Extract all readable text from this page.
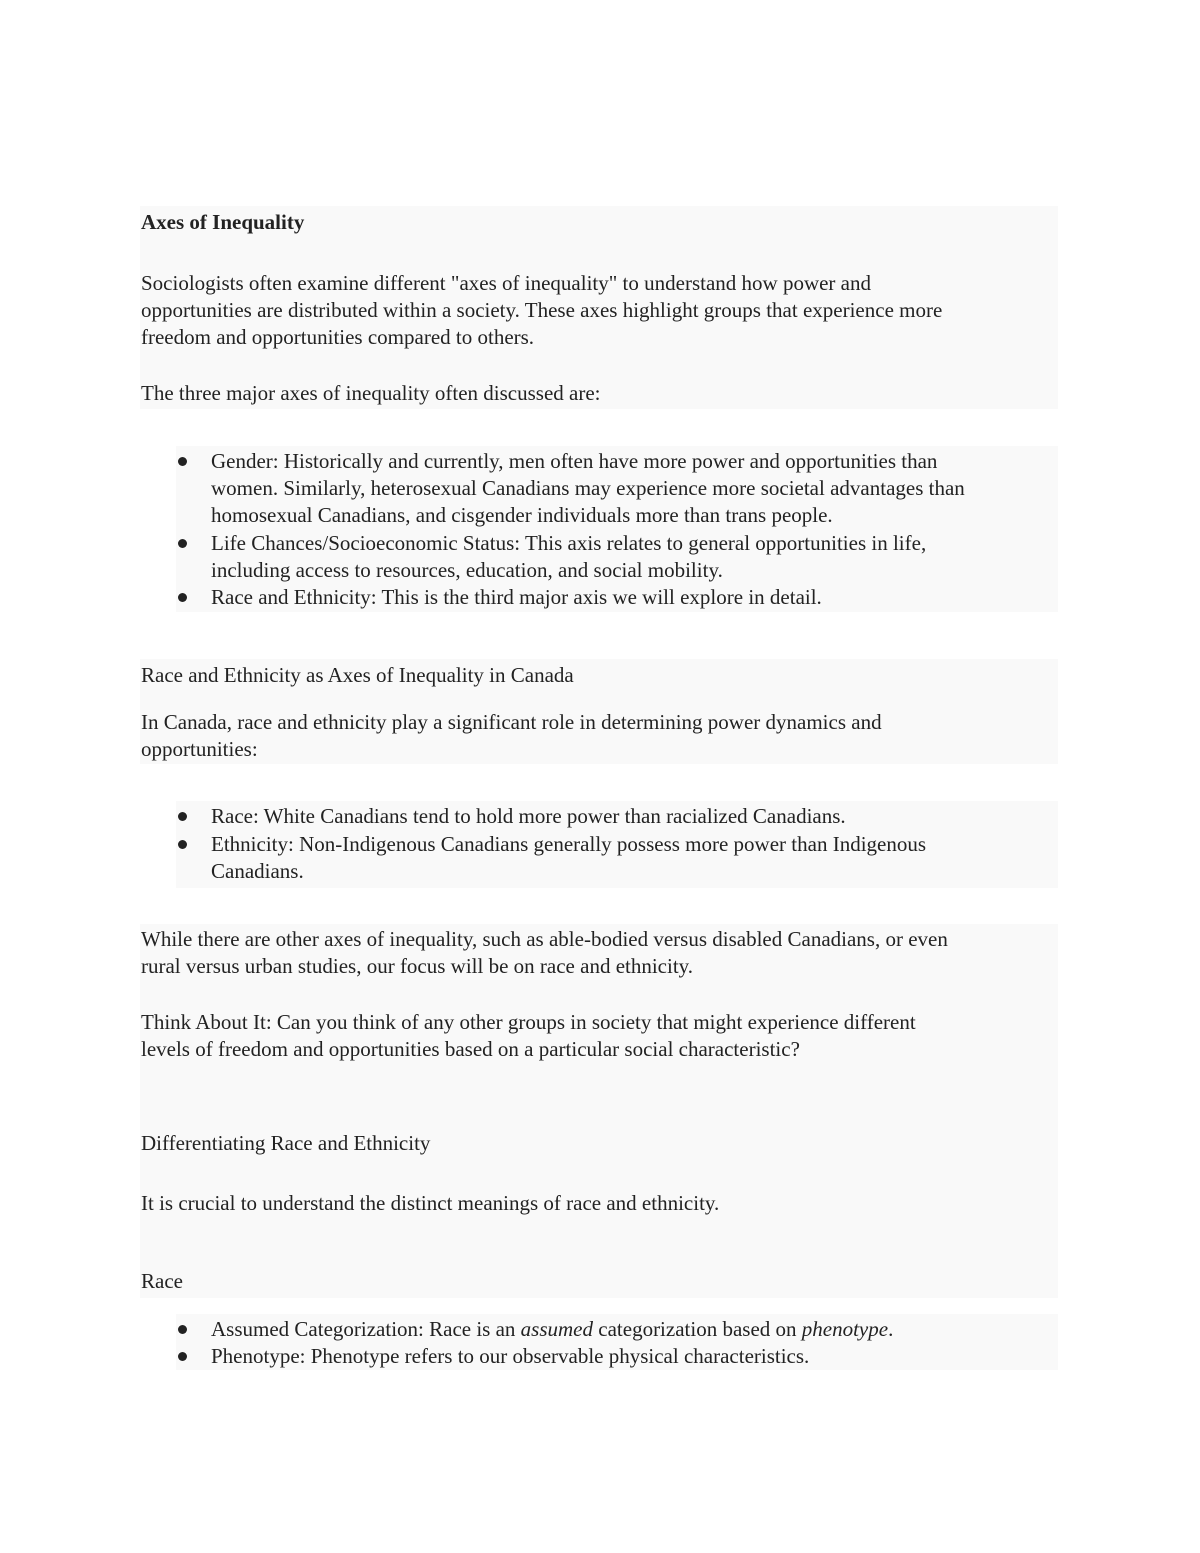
Axes of Inequality
Sociologists often examine different "axes of inequality" to understand how power and
opportunities are distributed within a society. These axes highlight groups that experience more
freedom and opportunities compared to others.
The three major axes of inequality often discussed are:
Gender: Historically and currently, men often have more power and opportunities than
women. Similarly, heterosexual Canadians may experience more societal advantages than
homosexual Canadians, and cisgender individuals more than trans people.
Life Chances/Socioeconomic Status: This axis relates to general opportunities in life,
including access to resources, education, and social mobility.
Race and Ethnicity: This is the third major axis we will explore in detail.
Race and Ethnicity as Axes of Inequality in Canada
In Canada, race and ethnicity play a significant role in determining power dynamics and
opportunities:
Race: White Canadians tend to hold more power than racialized Canadians.
Ethnicity: Non-Indigenous Canadians generally possess more power than Indigenous
Canadians.
While there are other axes of inequality, such as able-bodied versus disabled Canadians, or even
rural versus urban studies, our focus will be on race and ethnicity.
Think About It: Can you think of any other groups in society that might experience different
levels of freedom and opportunities based on a particular social characteristic?
Differentiating Race and Ethnicity
It is crucial to understand the distinct meanings of race and ethnicity.
Race
Assumed Categorization: Race is an assumed categorization based on phenotype.
Phenotype: Phenotype refers to our observable physical characteristics.
